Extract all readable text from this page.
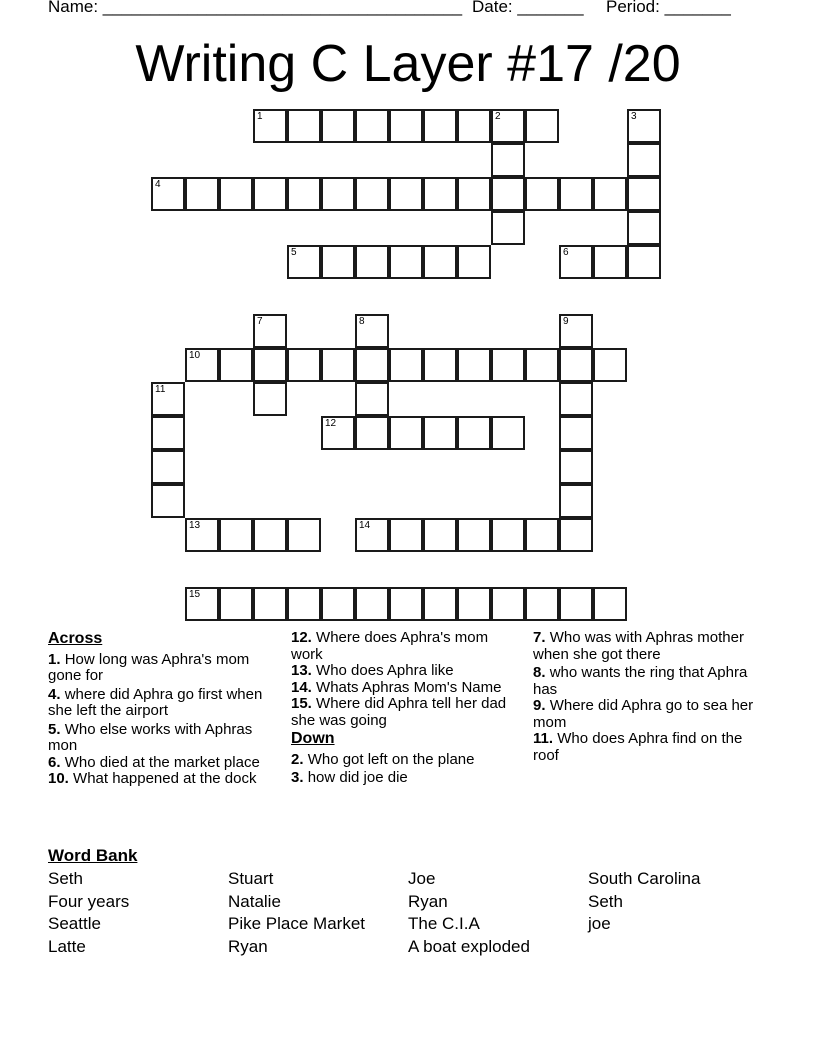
Name: ______________________________________ Date: _______ Period: _______
Writing C Layer #17 /20
1	2	3
4
5	6
7	8	9
10
11
12
13	14
15
Across
1. How long was Aphra's mom gone for
4. where did Aphra go first when she left the airport
5. Who else works with Aphras mon
6. Who died at the market place
10. What happened at the dock
12. Where does Aphra's mom work
13. Who does Aphra like
14. Whats Aphras Mom's Name
15. Where did Aphra tell her dad she was going
Down
2. Who got left on the plane
3. how did joe die
7. Who was with Aphras mother when she got there
8. who wants the ring that Aphra has
9. Where did Aphra go to sea her mom
11. Who does Aphra find on the roof
Word Bank
Seth	Stuart	Joe	South Carolina
Four years	Natalie	Ryan	Seth
Seattle	Pike Place Market	The C.I.A	joe
Latte	Ryan	A boat exploded
